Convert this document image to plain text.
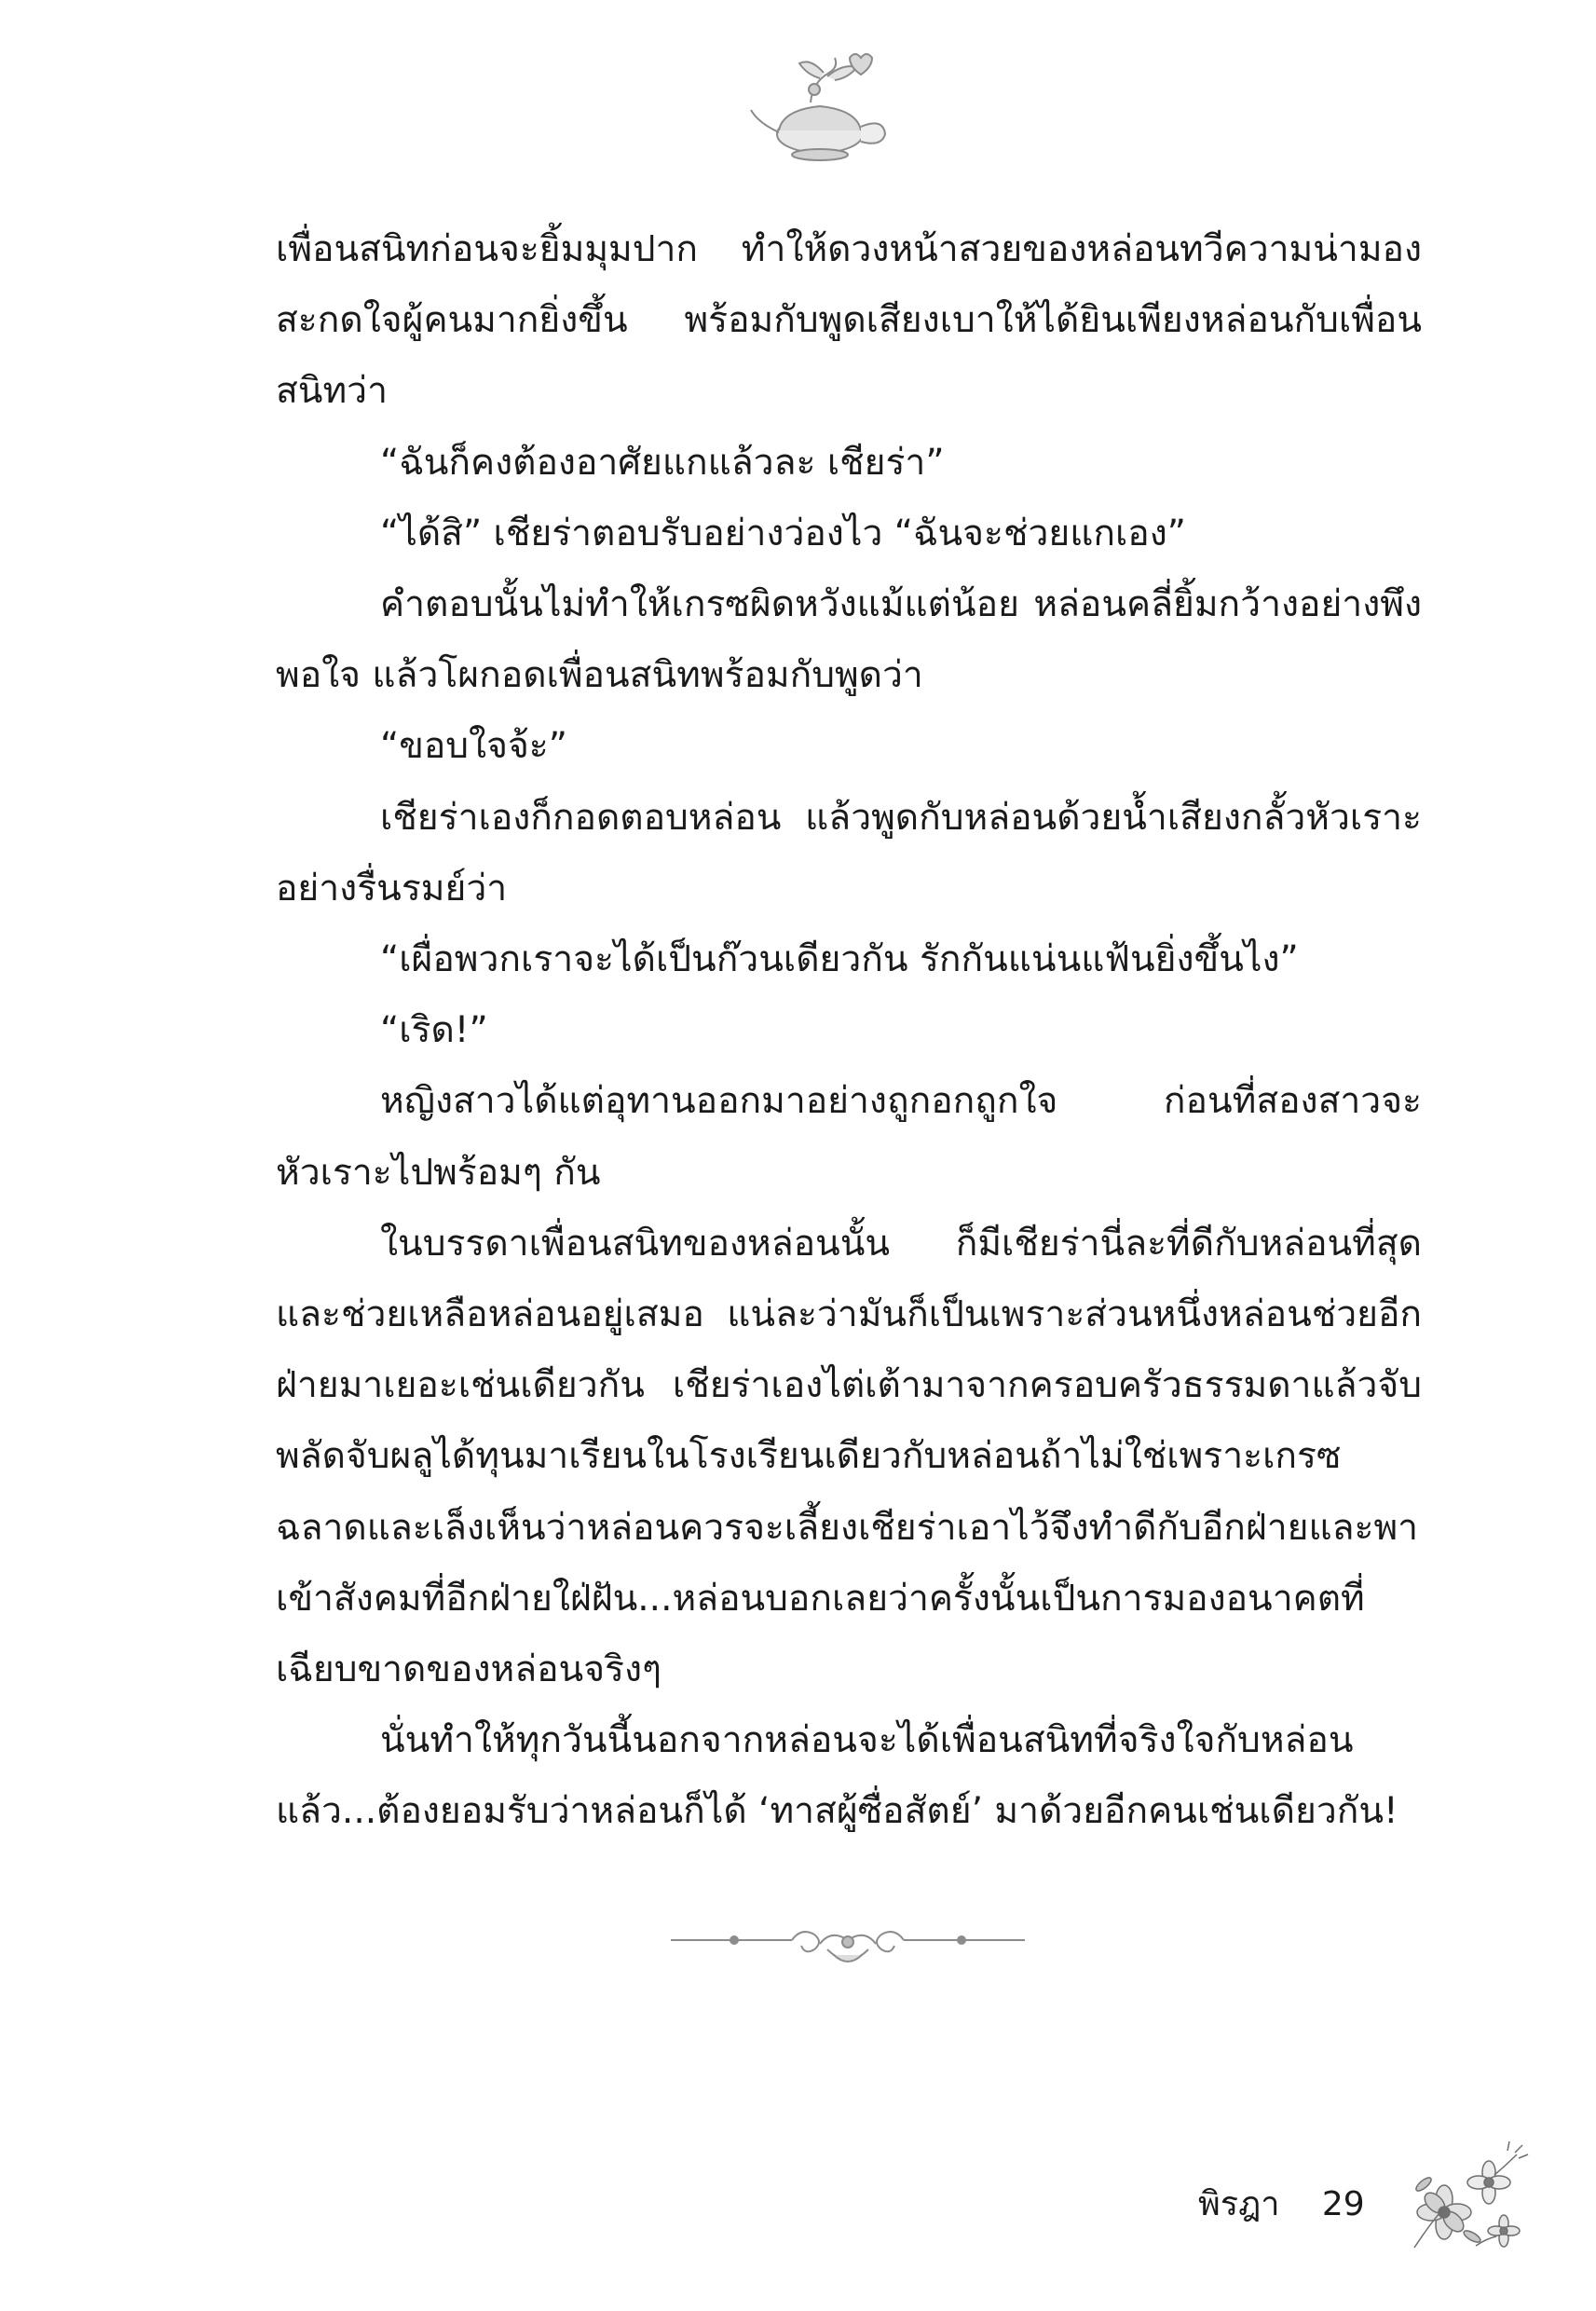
เพื่อนสนิทก่อนจะยิ้มมุมปาก ทำให้ดวงหน้าสวยของหล่อนทวีความน่ามองสะกดใจผู้คนมากยิ่งขึ้น พร้อมกับพูดเสียงเบาให้ได้ยินเพียงหล่อนกับเพื่อนสนิทว่า

“ฉันก็คงต้องอาศัยแกแล้วละ เชียร่า”

“ได้สิ” เชียร่าตอบรับอย่างว่องไว “ฉันจะช่วยแกเอง”

คำตอบนั้นไม่ทำให้เกรซผิดหวังแม้แต่น้อย หล่อนคลี่ยิ้มกว้างอย่างพึงพอใจ แล้วโผกอดเพื่อนสนิทพร้อมกับพูดว่า

“ขอบใจจ้ะ”

เชียร่าเองก็กอดตอบหล่อน แล้วพูดกับหล่อนด้วยน้ำเสียงกลั้วหัวเราะอย่างรื่นรมย์ว่า

“เผื่อพวกเราจะได้เป็นก๊วนเดียวกัน รักกันแน่นแฟ้นยิ่งขึ้นไง”

“เริด!”

หญิงสาวได้แต่อุทานออกมาอย่างถูกอกถูกใจ ก่อนที่สองสาวจะหัวเราะไปพร้อมๆ กัน

ในบรรดาเพื่อนสนิทของหล่อนนั้น ก็มีเชียร่านี่ละที่ดีกับหล่อนที่สุด และช่วยเหลือหล่อนอยู่เสมอ แน่ละว่ามันก็เป็นเพราะส่วนหนึ่งหล่อนช่วยอีกฝ่ายมาเยอะเช่นเดียวกัน เชียร่าเองไต่เต้ามาจากครอบครัวธรรมดาแล้วจับพลัดจับผลูได้ทุนมาเรียนในโรงเรียนเดียวกับหล่อนถ้าไม่ใช่เพราะเกรซฉลาดและเล็งเห็นว่าหล่อนควรจะเลี้ยงเชียร่าเอาไว้จึงทำดีกับอีกฝ่ายและพาเข้าสังคมที่อีกฝ่ายใฝ่ฝัน...หล่อนบอกเลยว่าครั้งนั้นเป็นการมองอนาคตที่เฉียบขาดของหล่อนจริงๆ

นั่นทำให้ทุกวันนี้นอกจากหล่อนจะได้เพื่อนสนิทที่จริงใจกับหล่อนแล้ว...ต้องยอมรับว่าหล่อนก็ได้ ‘ทาสผู้ซื่อสัตย์’ มาด้วยอีกคนเช่นเดียวกัน!

พิรฎา 29
